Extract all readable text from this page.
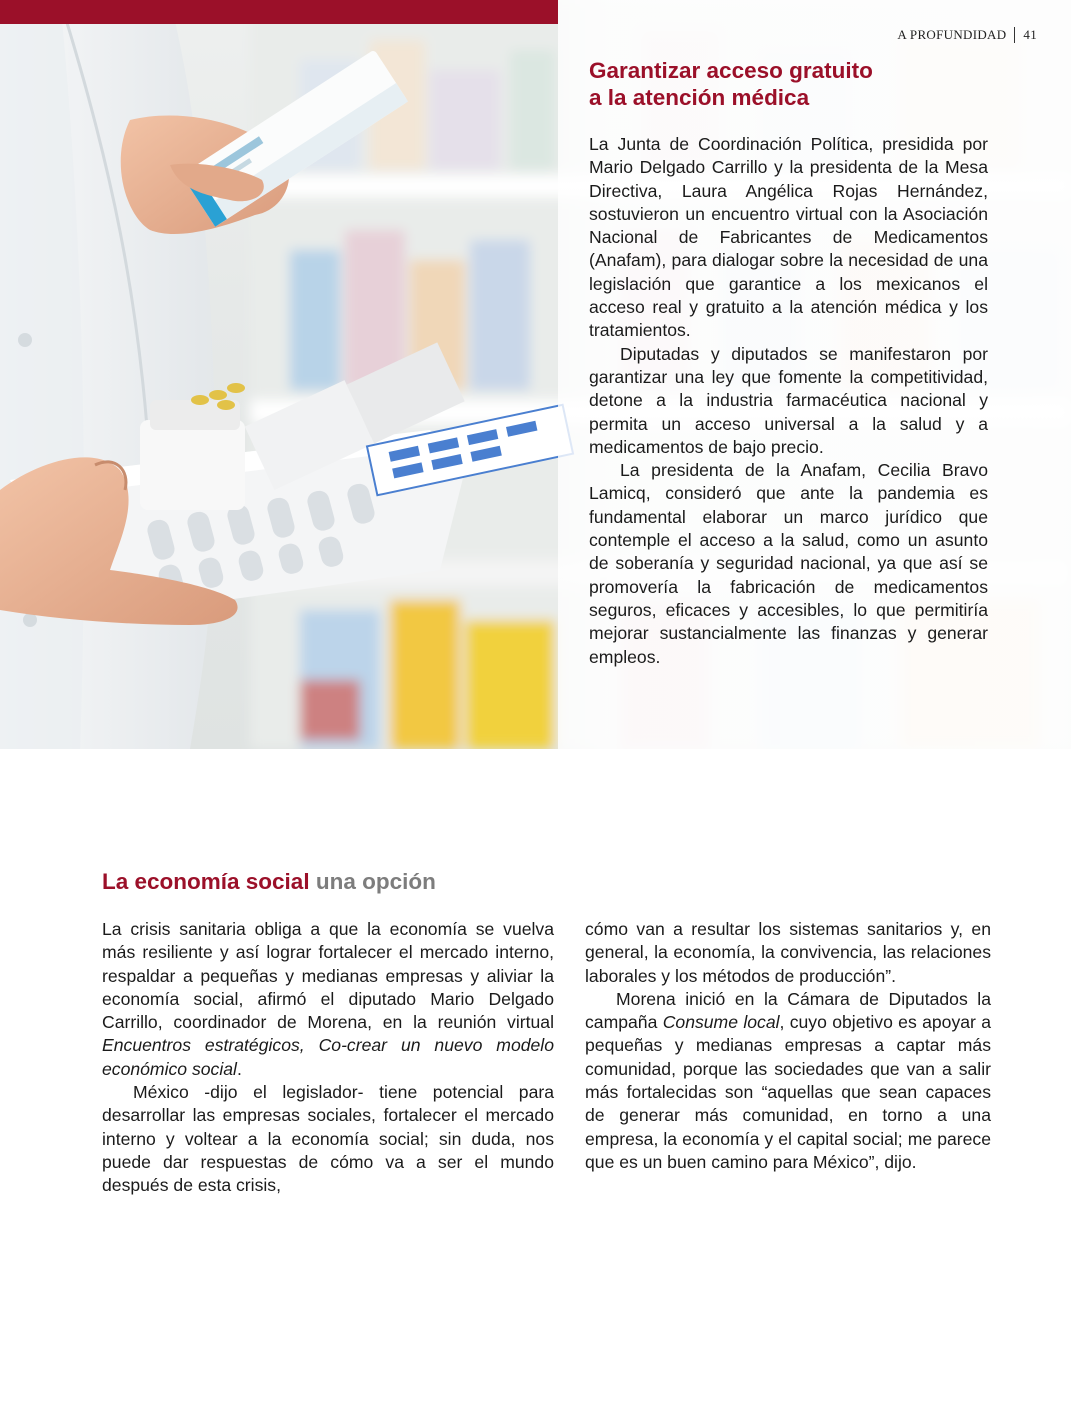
A PROFUNDIDAD 41
Garantizar acceso gratuito
a la atención médica

La Junta de Coordinación Política, presidida por Mario Delgado Carrillo y la presidenta de la Mesa Directiva, Laura Angélica Rojas Hernández, sostuvieron un encuentro virtual con la Asociación Nacional de Fabricantes de Medicamentos (Anafam), para dialogar sobre la necesidad de una legislación que garantice a los mexicanos el acceso real y gratuito a la atención médica y los tratamientos.

Diputadas y diputados se manifestaron por garantizar una ley que fomente la competitividad, detone a la industria farmacéutica nacional y permita un acceso universal a la salud y a medicamentos de bajo precio.

La presidenta de la Anafam, Cecilia Bravo Lamicq, consideró que ante la pandemia es fundamental elaborar un marco jurídico que contemple el acceso a la salud, como un asunto de soberanía y seguridad nacional, ya que así se promovería la fabricación de medicamentos seguros, eficaces y accesibles, lo que permitiría mejorar sustancialmente las finanzas y generar empleos.

La economía social una opción

La crisis sanitaria obliga a que la economía se vuelva más resiliente y así lograr fortalecer el mercado interno, respaldar a pequeñas y medianas empresas y aliviar la economía social, afirmó el diputado Mario Delgado Carrillo, coordinador de Morena, en la reunión virtual Encuentros estratégicos, Co-crear un nuevo modelo económico social.

México -dijo el legislador- tiene potencial para desarrollar las empresas sociales, fortalecer el mercado interno y voltear a la economía social; sin duda, nos puede dar respuestas de cómo va a ser el mundo después de esta crisis,

cómo van a resultar los sistemas sanitarios y, en general, la economía, la convivencia, las relaciones laborales y los métodos de producción”.

Morena inició en la Cámara de Diputados la campaña Consume local, cuyo objetivo es apoyar a pequeñas y medianas empresas a captar más comunidad, porque las sociedades que van a salir más fortalecidas son “aquellas que sean capaces de generar más comunidad, en torno a una empresa, la economía y el capital social; me parece que es un buen camino para México”, dijo.
